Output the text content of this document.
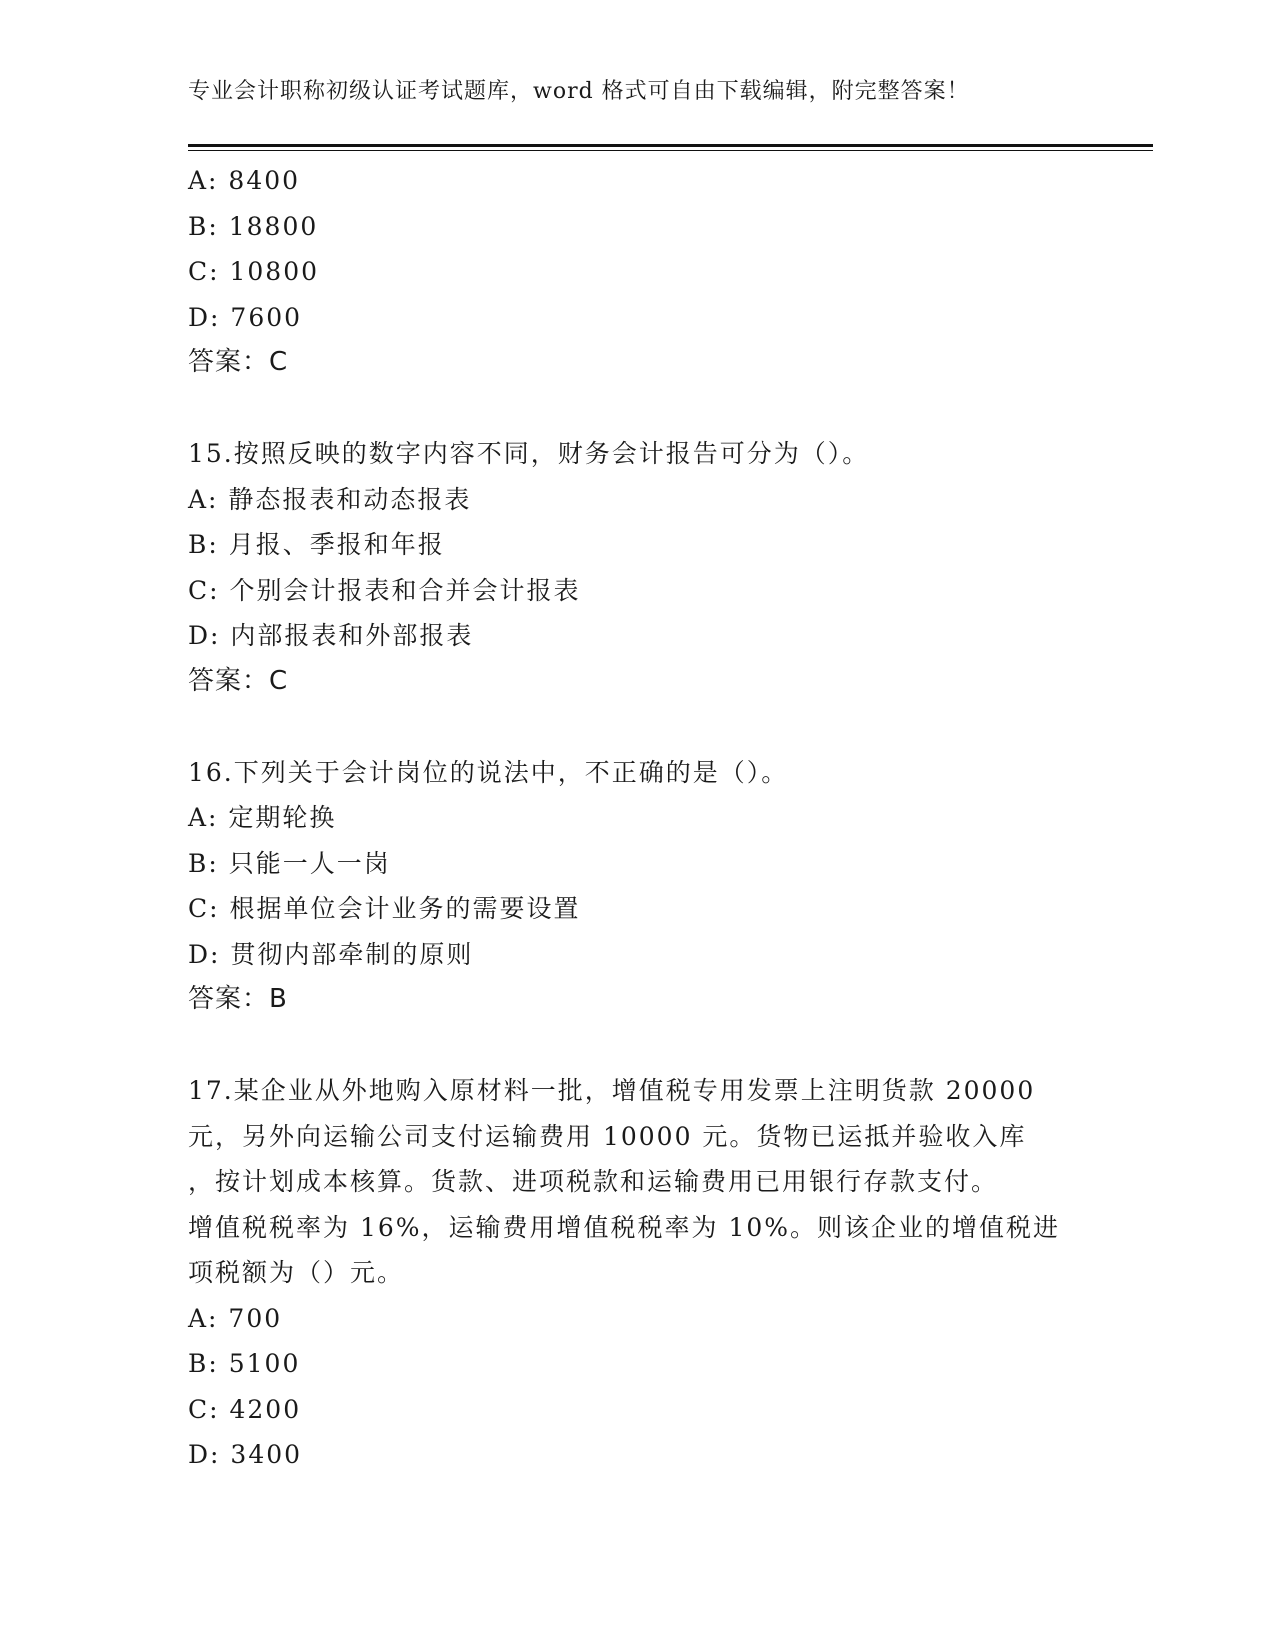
专业会计职称初级认证考试题库，word 格式可自由下载编辑，附完整答案！
A: 8400
B: 18800
C: 10800
D: 7600
答案：C
15.按照反映的数字内容不同，财务会计报告可分为（）。
A: 静态报表和动态报表
B: 月报、季报和年报
C: 个别会计报表和合并会计报表
D: 内部报表和外部报表
答案：C
16.下列关于会计岗位的说法中，不正确的是（）。
A: 定期轮换
B: 只能一人一岗
C: 根据单位会计业务的需要设置
D: 贯彻内部牵制的原则
答案：B
17.某企业从外地购入原材料一批，增值税专用发票上注明货款 20000
元，另外向运输公司支付运输费用 10000 元。货物已运抵并验收入库
，按计划成本核算。货款、进项税款和运输费用已用银行存款支付。
增值税税率为 16%，运输费用增值税税率为 10%。则该企业的增值税进
项税额为（）元。
A: 700
B: 5100
C: 4200
D: 3400
